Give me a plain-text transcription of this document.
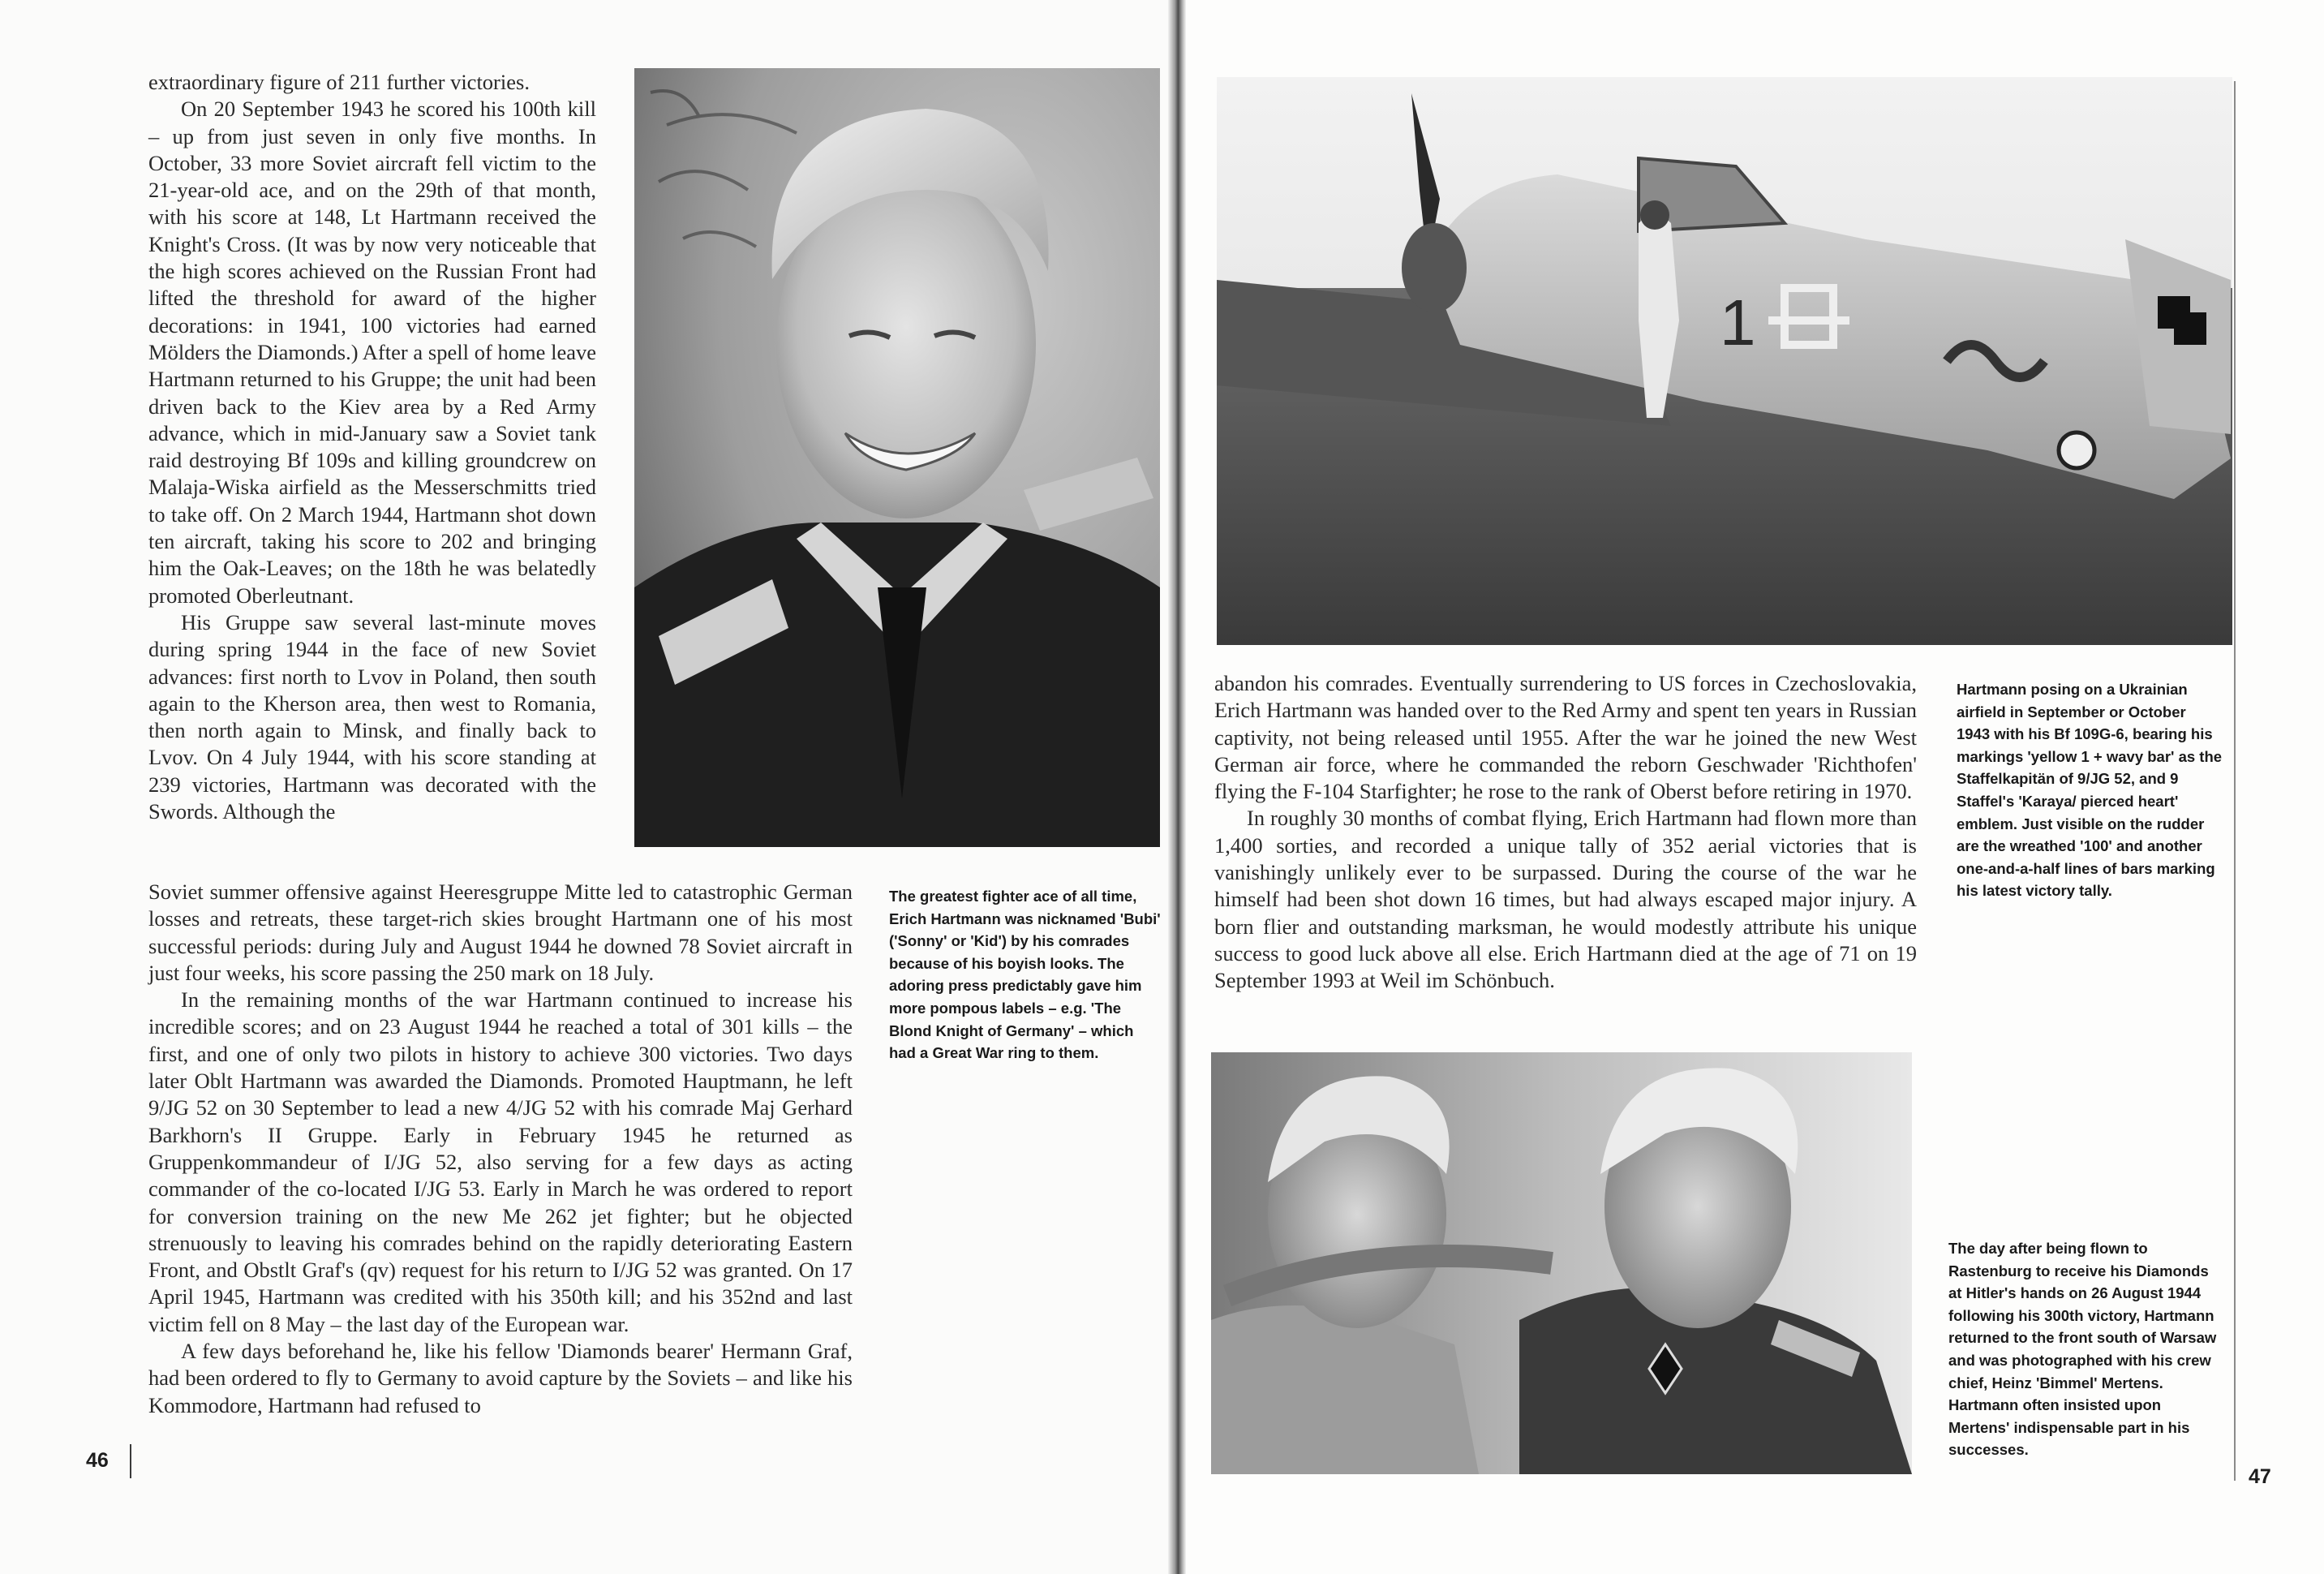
extraordinary figure of 211 further victories.

On 20 September 1943 he scored his 100th kill – up from just seven in only five months. In October, 33 more Soviet aircraft fell victim to the 21-year-old ace, and on the 29th of that month, with his score at 148, Lt Hartmann received the Knight's Cross. (It was by now very noticeable that the high scores achieved on the Russian Front had lifted the threshold for award of the higher decorations: in 1941, 100 victories had earned Mölders the Diamonds.) After a spell of home leave Hartmann returned to his Gruppe; the unit had been driven back to the Kiev area by a Red Army advance, which in mid-January saw a Soviet tank raid destroying Bf 109s and killing groundcrew on Malaja-Wiska airfield as the Messerschmitts tried to take off. On 2 March 1944, Hartmann shot down ten aircraft, taking his score to 202 and bringing him the Oak-Leaves; on the 18th he was belatedly promoted Oberleutnant.

His Gruppe saw several last-minute moves during spring 1944 in the face of new Soviet advances: first north to Lvov in Poland, then south again to the Kherson area, then west to Romania, then north again to Minsk, and finally back to Lvov. On 4 July 1944, with his score standing at 239 victories, Hartmann was decorated with the Swords. Although the

Soviet summer offensive against Heeresgruppe Mitte led to catastrophic German losses and retreats, these target-rich skies brought Hartmann one of his most successful periods: during July and August 1944 he downed 78 Soviet aircraft in just four weeks, his score passing the 250 mark on 18 July.

In the remaining months of the war Hartmann continued to increase his incredible scores; and on 23 August 1944 he reached a total of 301 kills – the first, and one of only two pilots in history to achieve 300 victories. Two days later Oblt Hartmann was awarded the Diamonds. Promoted Hauptmann, he left 9/JG 52 on 30 September to lead a new 4/JG 52 with his comrade Maj Gerhard Barkhorn's II Gruppe. Early in February 1945 he returned as Gruppenkommandeur of I/JG 52, also serving for a few days as acting commander of the co-located I/JG 53. Early in March he was ordered to report for conversion training on the new Me 262 jet fighter; but he objected strenuously to leaving his comrades behind on the rapidly deteriorating Eastern Front, and Obstlt Graf's (qv) request for his return to I/JG 52 was granted. On 17 April 1945, Hartmann was credited with his 350th kill; and his 352nd and last victim fell on 8 May – the last day of the European war.

A few days beforehand he, like his fellow 'Diamonds bearer' Hermann Graf, had been ordered to fly to Germany to avoid capture by the Soviets – and like his Kommodore, Hartmann had refused to

The greatest fighter ace of all time, Erich Hartmann was nicknamed 'Bubi' ('Sonny' or 'Kid') by his comrades because of his boyish looks. The adoring press predictably gave him more pompous labels – e.g. 'The Blond Knight of Germany' – which had a Great War ring to them.
46
1

abandon his comrades. Eventually surrendering to US forces in Czechoslovakia, Erich Hartmann was handed over to the Red Army and spent ten years in Russian captivity, not being released until 1955. After the war he joined the new West German air force, where he commanded the reborn Geschwader 'Richthofen' flying the F-104 Starfighter; he rose to the rank of Oberst before retiring in 1970.

In roughly 30 months of combat flying, Erich Hartmann had flown more than 1,400 sorties, and recorded a unique tally of 352 aerial victories that is vanishingly unlikely ever to be surpassed. During the course of the war he himself had been shot down 16 times, but had always escaped major injury. A born flier and outstanding marksman, he would modestly attribute his unique success to good luck above all else. Erich Hartmann died at the age of 71 on 19 September 1993 at Weil im Schönbuch.

Hartmann posing on a Ukrainian airfield in September or October 1943 with his Bf 109G-6, bearing his markings 'yellow 1 + wavy bar' as the Staffelkapitän of 9/JG 52, and 9 Staffel's 'Karaya/ pierced heart' emblem. Just visible on the rudder are the wreathed '100' and another one-and-a-half lines of bars marking his latest victory tally.
The day after being flown to Rastenburg to receive his Diamonds at Hitler's hands on 26 August 1944 following his 300th victory, Hartmann returned to the front south of Warsaw and was photographed with his crew chief, Heinz 'Bimmel' Mertens. Hartmann often insisted upon Mertens' indispensable part in his successes.
47
